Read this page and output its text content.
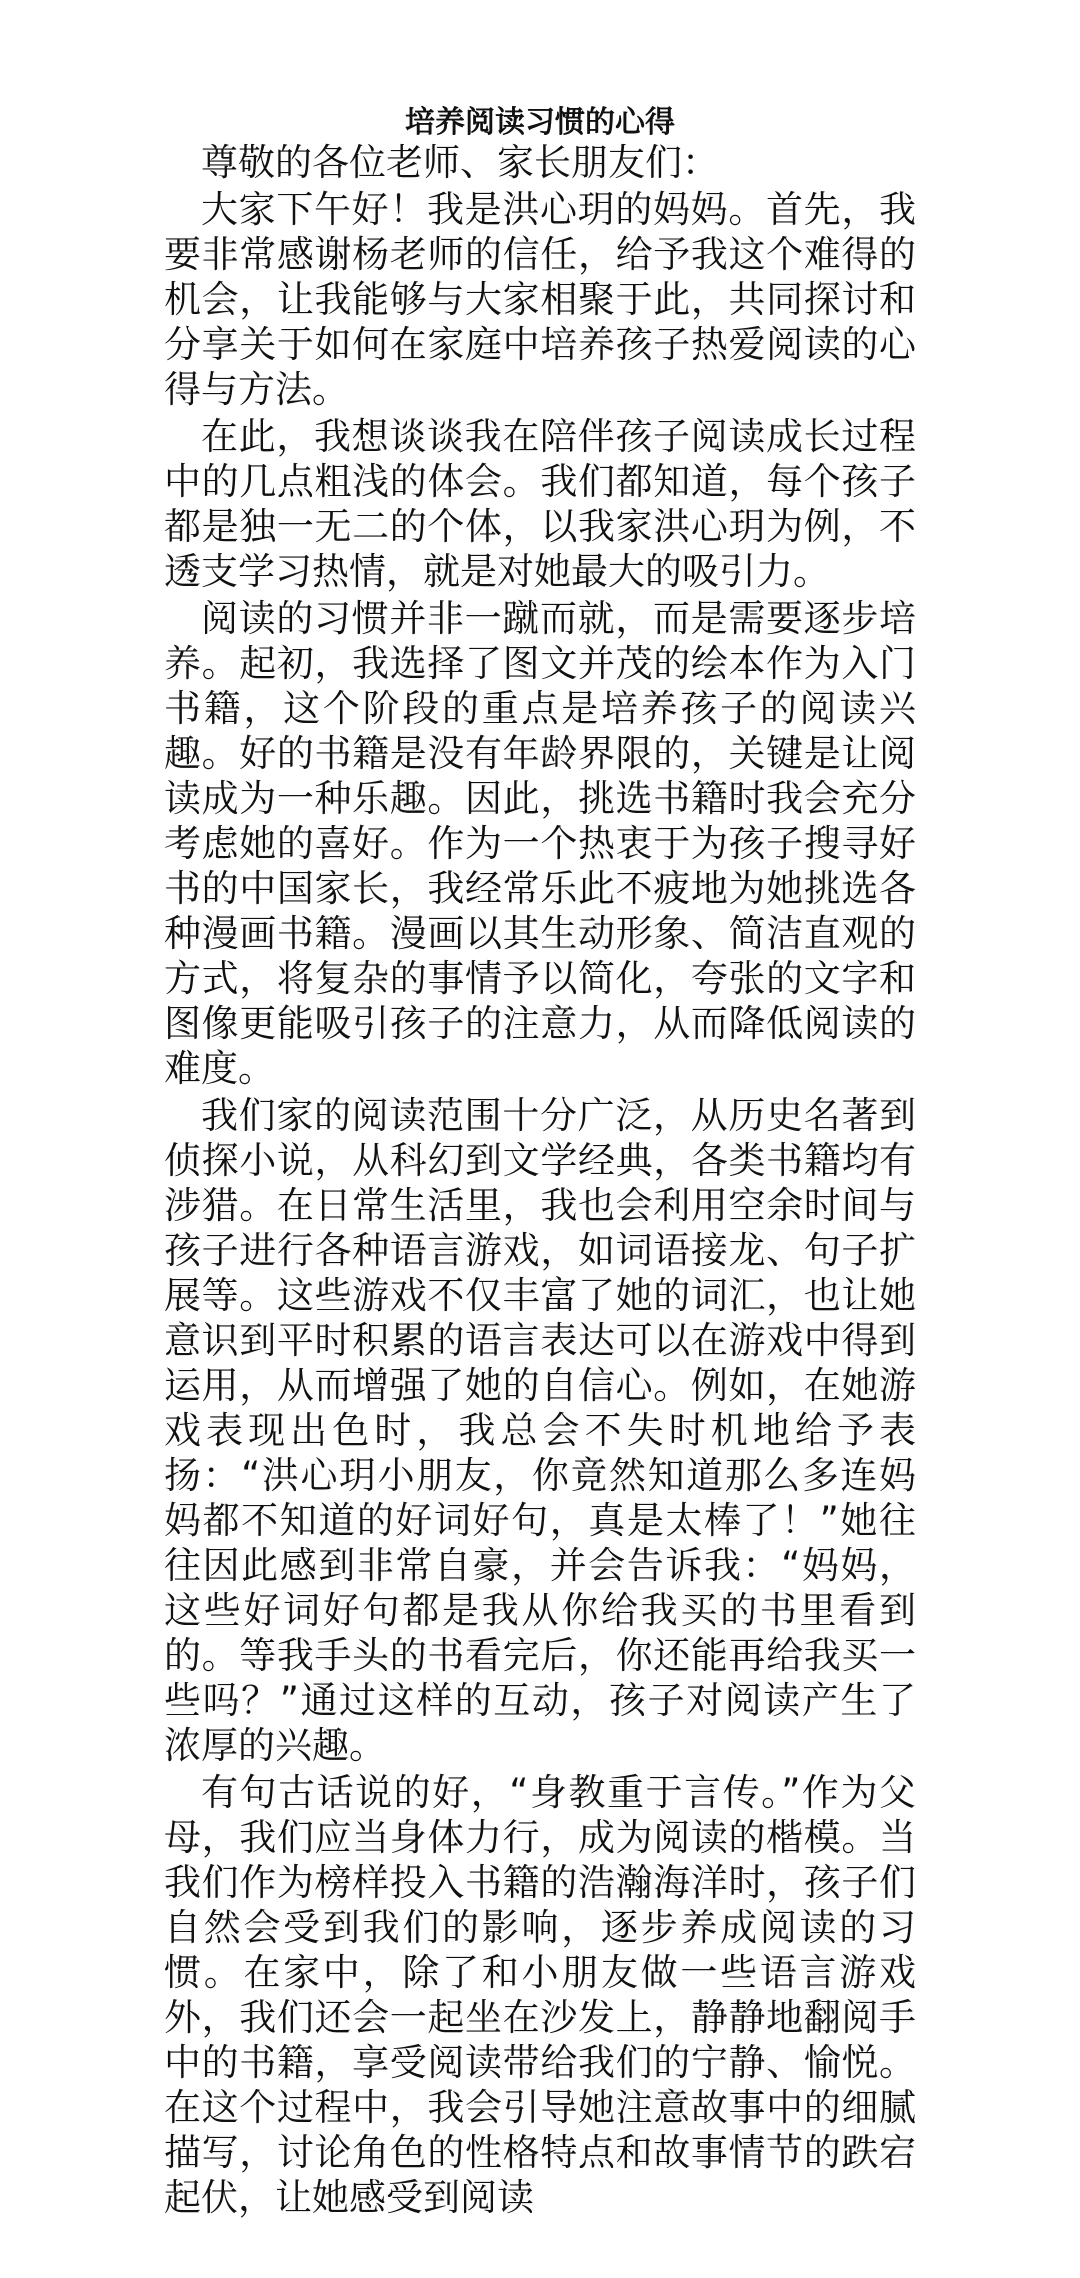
培养阅读习惯的心得

尊敬的各位老师、家长朋友们：

大家下午好！我是洪心玥的妈妈。首先，我要非常感谢杨老师的信任，给予我这个难得的机会，让我能够与大家相聚于此，共同探讨和分享关于如何在家庭中培养孩子热爱阅读的心得与方法。

在此，我想谈谈我在陪伴孩子阅读成长过程中的几点粗浅的体会。我们都知道，每个孩子都是独一无二的个体，以我家洪心玥为例，不透支学习热情，就是对她最大的吸引力。

阅读的习惯并非一蹴而就，而是需要逐步培养。起初，我选择了图文并茂的绘本作为入门书籍，这个阶段的重点是培养孩子的阅读兴趣。好的书籍是没有年龄界限的，关键是让阅读成为一种乐趣。因此，挑选书籍时我会充分考虑她的喜好。作为一个热衷于为孩子搜寻好书的中国家长，我经常乐此不疲地为她挑选各种漫画书籍。漫画以其生动形象、简洁直观的方式，将复杂的事情予以简化，夸张的文字和图像更能吸引孩子的注意力，从而降低阅读的难度。

我们家的阅读范围十分广泛，从历史名著到侦探小说，从科幻到文学经典，各类书籍均有涉猎。在日常生活里，我也会利用空余时间与孩子进行各种语言游戏，如词语接龙、句子扩展等。这些游戏不仅丰富了她的词汇，也让她意识到平时积累的语言表达可以在游戏中得到运用，从而增强了她的自信心。例如，在她游戏表现出色时，我总会不失时机地给予表扬：“洪心玥小朋友，你竟然知道那么多连妈妈都不知道的好词好句，真是太棒了！”她往往因此感到非常自豪，并会告诉我：“妈妈，这些好词好句都是我从你给我买的书里看到的。等我手头的书看完后，你还能再给我买一些吗？”通过这样的互动，孩子对阅读产生了浓厚的兴趣。

有句古话说的好，“身教重于言传。”作为父母，我们应当身体力行，成为阅读的楷模。当我们作为榜样投入书籍的浩瀚海洋时，孩子们自然会受到我们的影响，逐步养成阅读的习惯。在家中，除了和小朋友做一些语言游戏外，我们还会一起坐在沙发上，静静地翻阅手中的书籍，享受阅读带给我们的宁静、愉悦。在这个过程中，我会引导她注意故事中的细腻描写，讨论角色的性格特点和故事情节的跌宕起伏，让她感受到阅读
